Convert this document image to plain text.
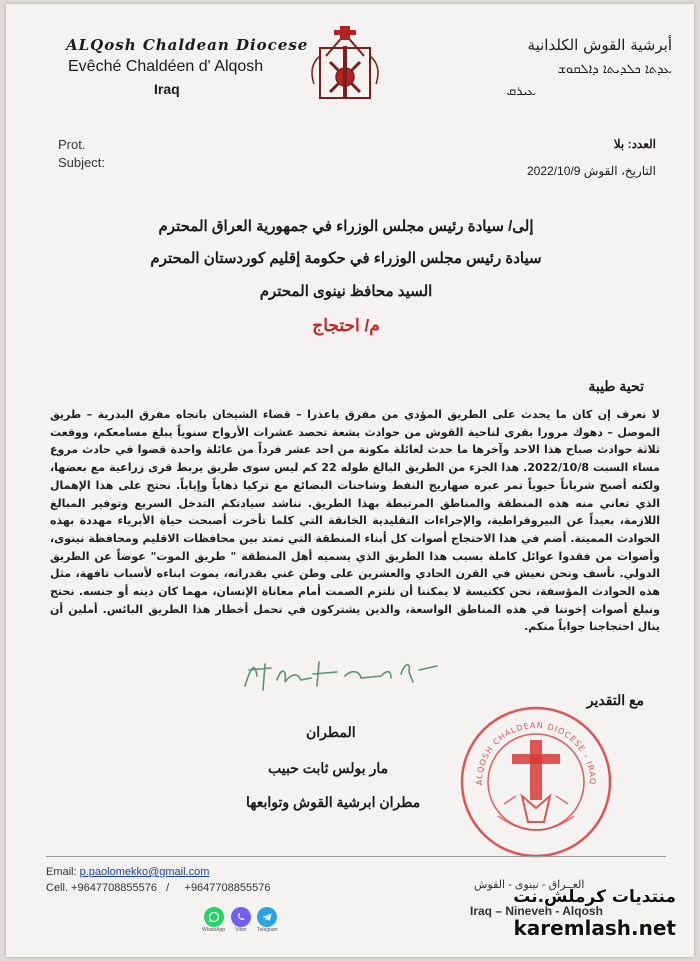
ALQosh Chaldean Diocese
Evêché Chaldéen d' Alqosh
Iraq
أبرشية القوش الكلدانية
ܥܕܬܐ ܟܠܕܝܬܐ ܕܐܠܩܘܫ
ܥܝܪܩ
Prot.
Subject:
العدد: بلا
التاريخ، القوش 2022/10/9
إلى/ سيادة رئيس مجلس الوزراء في جمهورية العراق المحترم
سيادة رئيس مجلس الوزراء في حكومة إقليم كوردستان المحترم
السيد محافظ نينوى المحترم
م/ احتجاج
تحية طيبة
لا نعرف إن كان ما يحدث على الطريق المؤدي من مفرق باعذرا – قضاء الشيخان باتجاه مفرق البدرية – طريق الموصل – دهوك مرورا بقرى لناحية القوش من حوادث بشعة تحصد عشرات الأرواح سنوياً يبلغ مسامعكم، ووقعت ثلاثة حوادث صباح هذا الاحد وآخرها ما حدث لعائلة مكونة من احد عشر فرداً من عائلة واحدة قضوا في حادث مروع مساء السبت 2022/10/8. هذا الجزء من الطريق البالغ طوله 22 كم ليس سوى طريق يربط قرى زراعية مع بعضها، ولكنه أصبح شرياناً حيوياً تمر عبره صهاريج النفط وشاحنات البضائع مع تركيا ذهاباً وإياباً. نحتج على هذا الإهمال الذي تعاني منه هذه المنطقة والمناطق المرتبطة بهذا الطريق. نناشد سيادتكم التدخل السريع وتوفير المبالغ اللازمة، بعيداً عن البيروقراطية، والإجراءات التقليدية الخانقة التي كلما تأخرت أصبحت حياة الأبرياء مهددة بهذه الحوادث المميتة. أضم في هذا الاحتجاج أصوات كل أبناء المنطقة التي تمتد بين محافظات الاقليم ومحافظة نينوى، وأصوات من فقدوا عوائل كاملة بسبب هذا الطريق الذي يسميه أهل المنطقة " طريق الموت" عوضاً عن الطريق الدولي. نأسف ونحن نعيش في القرن الحادي والعشرين على وطن غني بقدراته، يموت ابناءه لأسباب تافهة، مثل هذه الحوادث المؤسفة، نحن ككنيسة لا يمكننا أن نلتزم الصمت أمام معاناة الإنسان، مهما كان دينه أو جنسه. نحتج ونبلغ أصوات إخوتنا في هذه المناطق الواسعة، والذين يشتركون في تحمل أخطار هذا الطريق البائس. أملين أن ينال احتجاجنا جواباً منكم.
مع التقدير
المطران
مار بولس ثابت حبيب
مطران ابرشية القوش وتوابعها
ALQOSH CHALDEAN DIOCESE - IRAQ
Email: p.paolomekko@gmail.com
Cell. +9647708855576   /     +9647708855576
WhatsApp Viber Telegram
العــراق - نينوى - القوش
Iraq – Nineveh - Alqosh
منتديات كرملش.نت
karemlash.net
